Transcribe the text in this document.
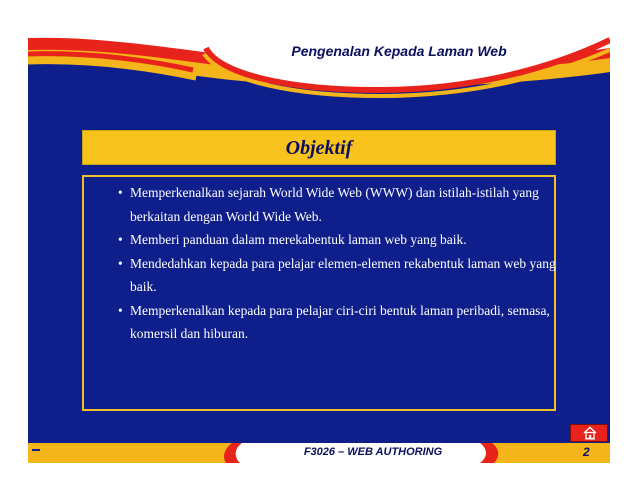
Pengenalan Kepada Laman Web
Objektif
• Memperkenalkan sejarah World Wide Web (WWW) dan istilah-istilah yang berkaitan dengan World Wide Web.
• Memberi panduan dalam merekabentuk laman web yang baik.
• Mendedahkan kepada para pelajar elemen-elemen rekabentuk laman web yang baik.
• Memperkenalkan kepada para pelajar ciri-ciri bentuk laman peribadi, semasa, komersil dan hiburan.
F3026 – WEB AUTHORING	2
